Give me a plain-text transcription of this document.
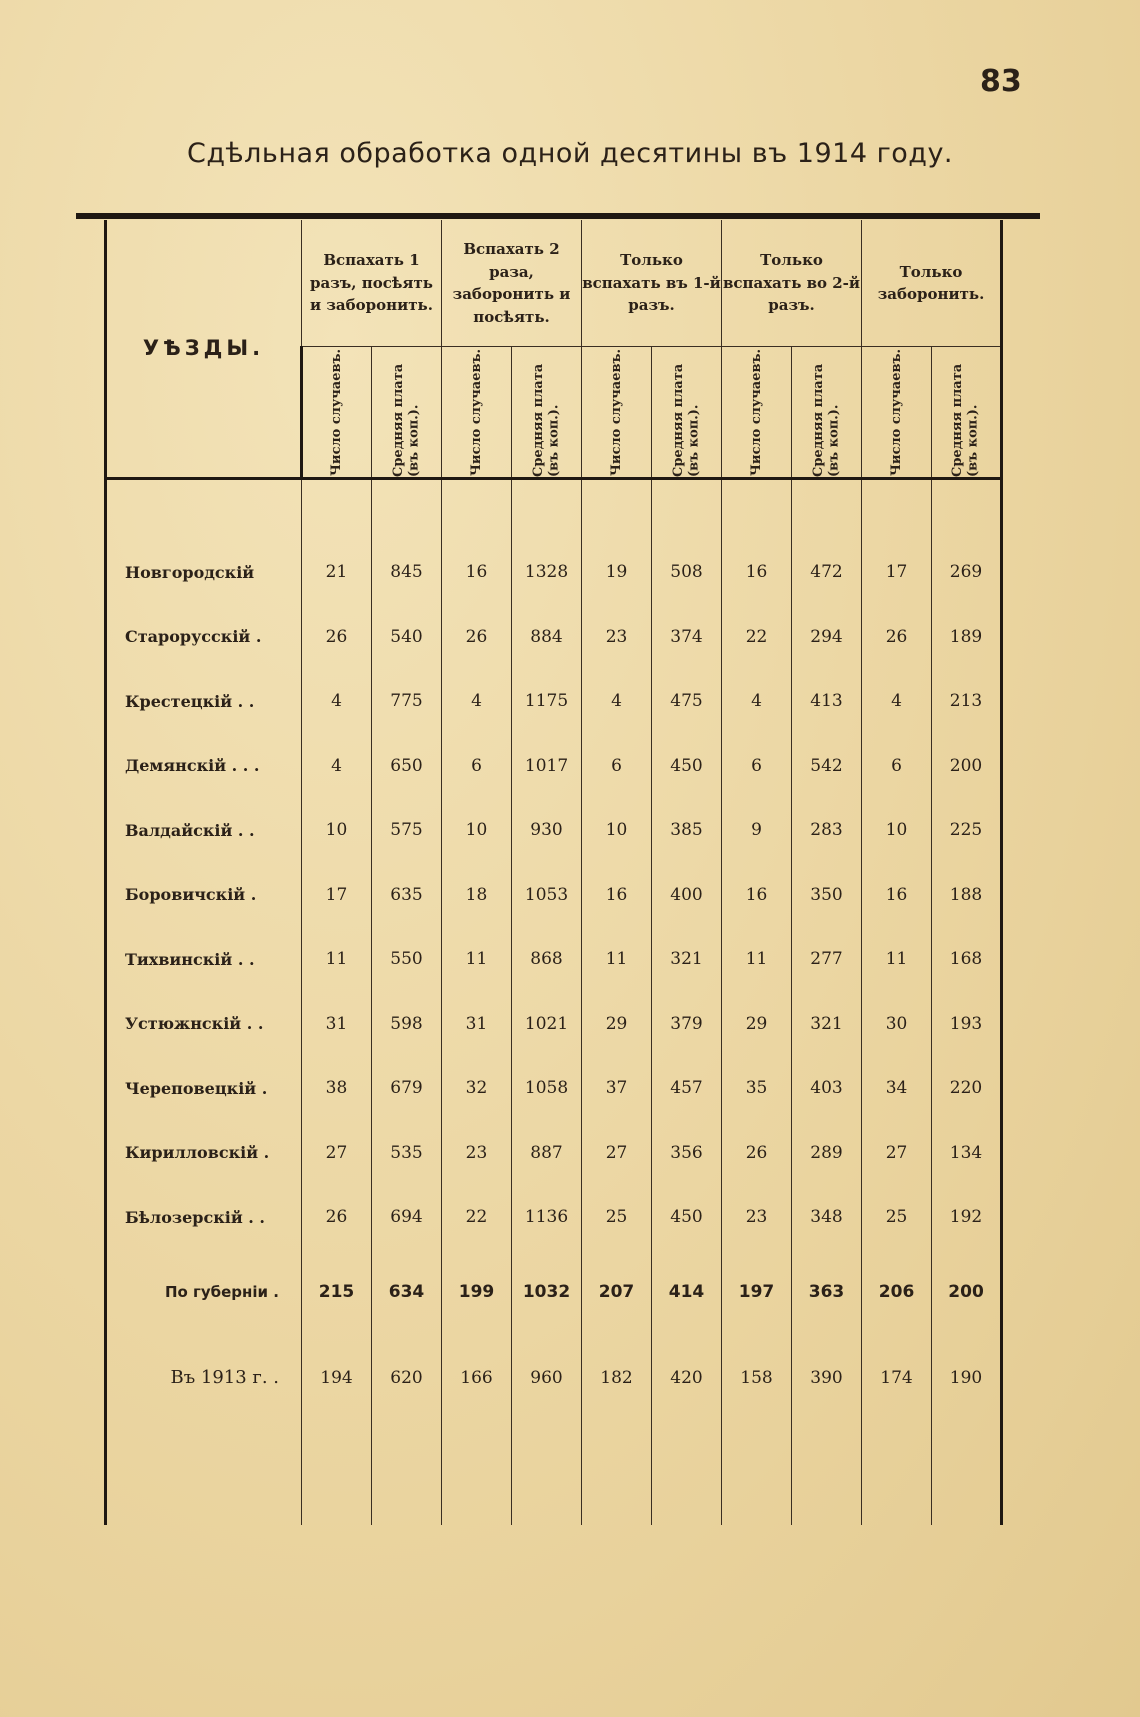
83
Сдѣльная обработка одной десятины въ 1914 году.
УѢЗДЫ.	Вспахать 1 разъ, посѣять и заборонить.		Вспахать 2 раза, заборонить и посѣять.		Только вспахать въ 1-й разъ.		Только вспахать во 2-й разъ.		Только заборонить.	

	Число случаевъ.	Средняя плата (въ коп.).	Число случаевъ.	Средняя плата (въ коп.).	Число случаевъ.	Средняя плата (въ коп.).	Число случаевъ.	Средняя плата (въ коп.).	Число случаевъ.	Средняя плата (въ коп.).

Новгородскій	21	845	16	1328	19	508	16	472	17	269
Старорусскій .	26	540	26	884	23	374	22	294	26	189
Крестецкій . .	4	775	4	1175	4	475	4	413	4	213
Демянскій . . .	4	650	6	1017	6	450	6	542	6	200
Валдайскій . .	10	575	10	930	10	385	9	283	10	225
Боровичскій .	17	635	18	1053	16	400	16	350	16	188
Тихвинскій . .	11	550	11	868	11	321	11	277	11	168
Устюжнскій . .	31	598	31	1021	29	379	29	321	30	193
Череповецкій .	38	679	32	1058	37	457	35	403	34	220
Кирилловскій .	27	535	23	887	27	356	26	289	27	134
Бѣлозерскій . .	26	694	22	1136	25	450	23	348	25	192
По губерніи .	215	634	199	1032	207	414	197	363	206	200
Въ 1913 г. .	194	620	166	960	182	420	158	390	174	190
